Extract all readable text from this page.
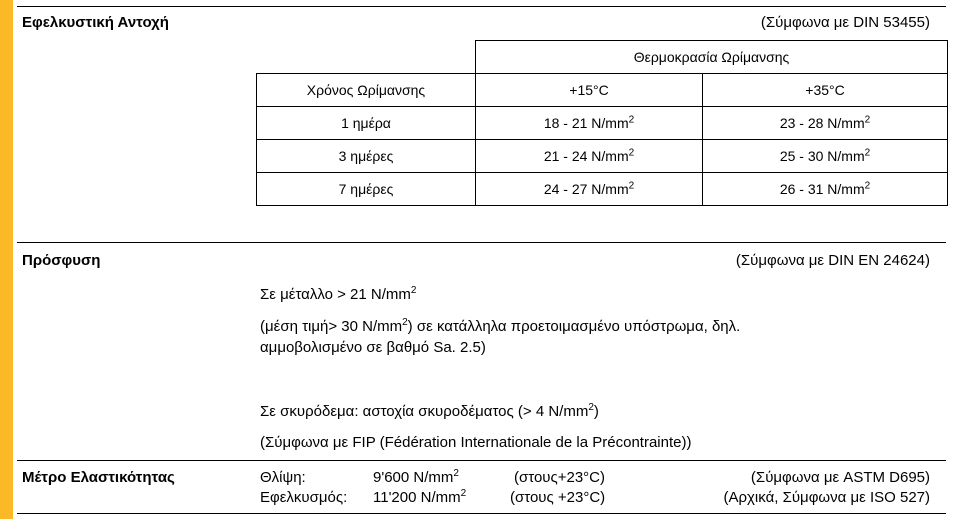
Εφελκυστική Αντοχή	(Σύμφωνα με DIN 53455)
	Θερμοκρασία Ωρίμανσης	
Χρόνος Ωρίμανσης	+15°C	+35°C
1 ημέρα	18 - 21 $N/mm^2$	23 - 28 $N/mm^2$
3 ημέρες	21 - 24 $N/mm^2$	25 - 30 $N/mm^2$
7 ημέρες	24 - 27 $N/mm^2$	26 - 31 $N/mm^2$
Πρόσφυση	(Σύμφωνα με DIN EN 24624)
Σε μέταλλο > 21 $N/mm^2$
(μέση τιμή> 30 $N/mm^2$) σε κατάλληλα προετοιμασμένο υπόστρωμα, δηλ.
αμμοβολισμένο σε βαθμό Sa. 2.5)
Σε σκυρόδεμα: αστοχία σκυροδέματος (> 4 $N/mm^2$)
(Σύμφωνα με FIP (Fédération Internationale de la Précontrainte))
Μέτρο Ελαστικότητας	Θλίψη:	9'600 $N/mm^2$	(στους+23°C)	(Σύμφωνα με ASTM D695)
Εφελκυσμός: 11'200 $N/mm^2$	(στους +23°C)	(Αρχικά, Σύμφωνα με ISO 527)
